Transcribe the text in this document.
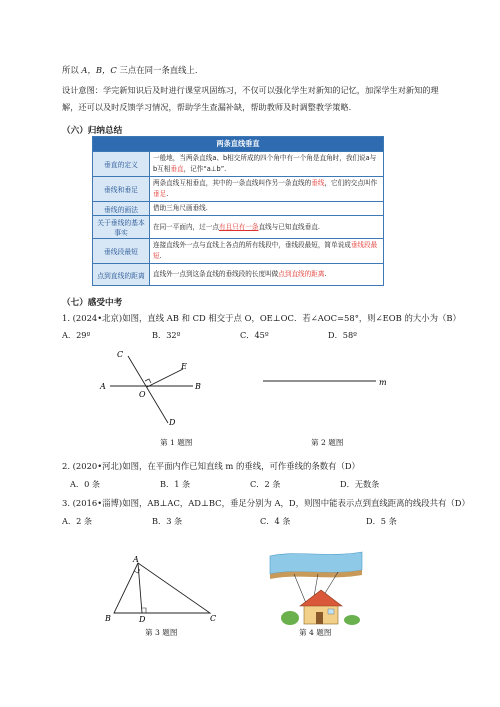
所以 A，B，C 三点在同一条直线上.
设计意图：学完新知识后及时进行课堂巩固练习，不仅可以强化学生对新知的记忆，加深学生对新知的理解，还可以及时反馈学习情况，帮助学生查漏补缺，帮助教师及时调整教学策略.
（六）归纳总结
两条直线垂直	
垂直的定义	一般地，当两条直线a、b相交所成的四个角中有一个角是直角时，我们说a与b互相垂直，记作“a⊥b”.
垂线和垂足	两条直线互相垂直，其中的一条直线叫作另一条直线的垂线，它们的交点叫作垂足.
垂线的画法	借助三角尺画垂线.
关于垂线的基本事实	在同一平面内，过一点有且只有一条直线与已知直线垂直.
垂线段最短	连接直线外一点与直线上各点的所有线段中，垂线段最短，简单说成垂线段最短.
点到直线的距离	直线外一点到这条直线的垂线段的长度叫做点到直线的距离.
（七）感受中考
1. (2024•北京)如图，直线 AB 和 CD 相交于点 O，OE⊥OC．若∠AOC=58°，则∠EOB 的大小为（B）
A．29º	B．32º	C．45º	D．58º
C
E
A
O
B
D
m
第 1 题图	第 2 题图
2. (2020•河北)如图，在平面内作已知直线 m 的垂线，可作垂线的条数有（D）
A．0 条	B．1 条	C．2 条	D．无数条
3. (2016•淄博)如图，AB⊥AC，AD⊥BC，垂足分别为 A，D，则图中能表示点到直线距离的线段共有（D）
A．2 条	B．3 条	C．4 条	D．5 条
A
B	D	C
第 3 题图	第 4 题图
